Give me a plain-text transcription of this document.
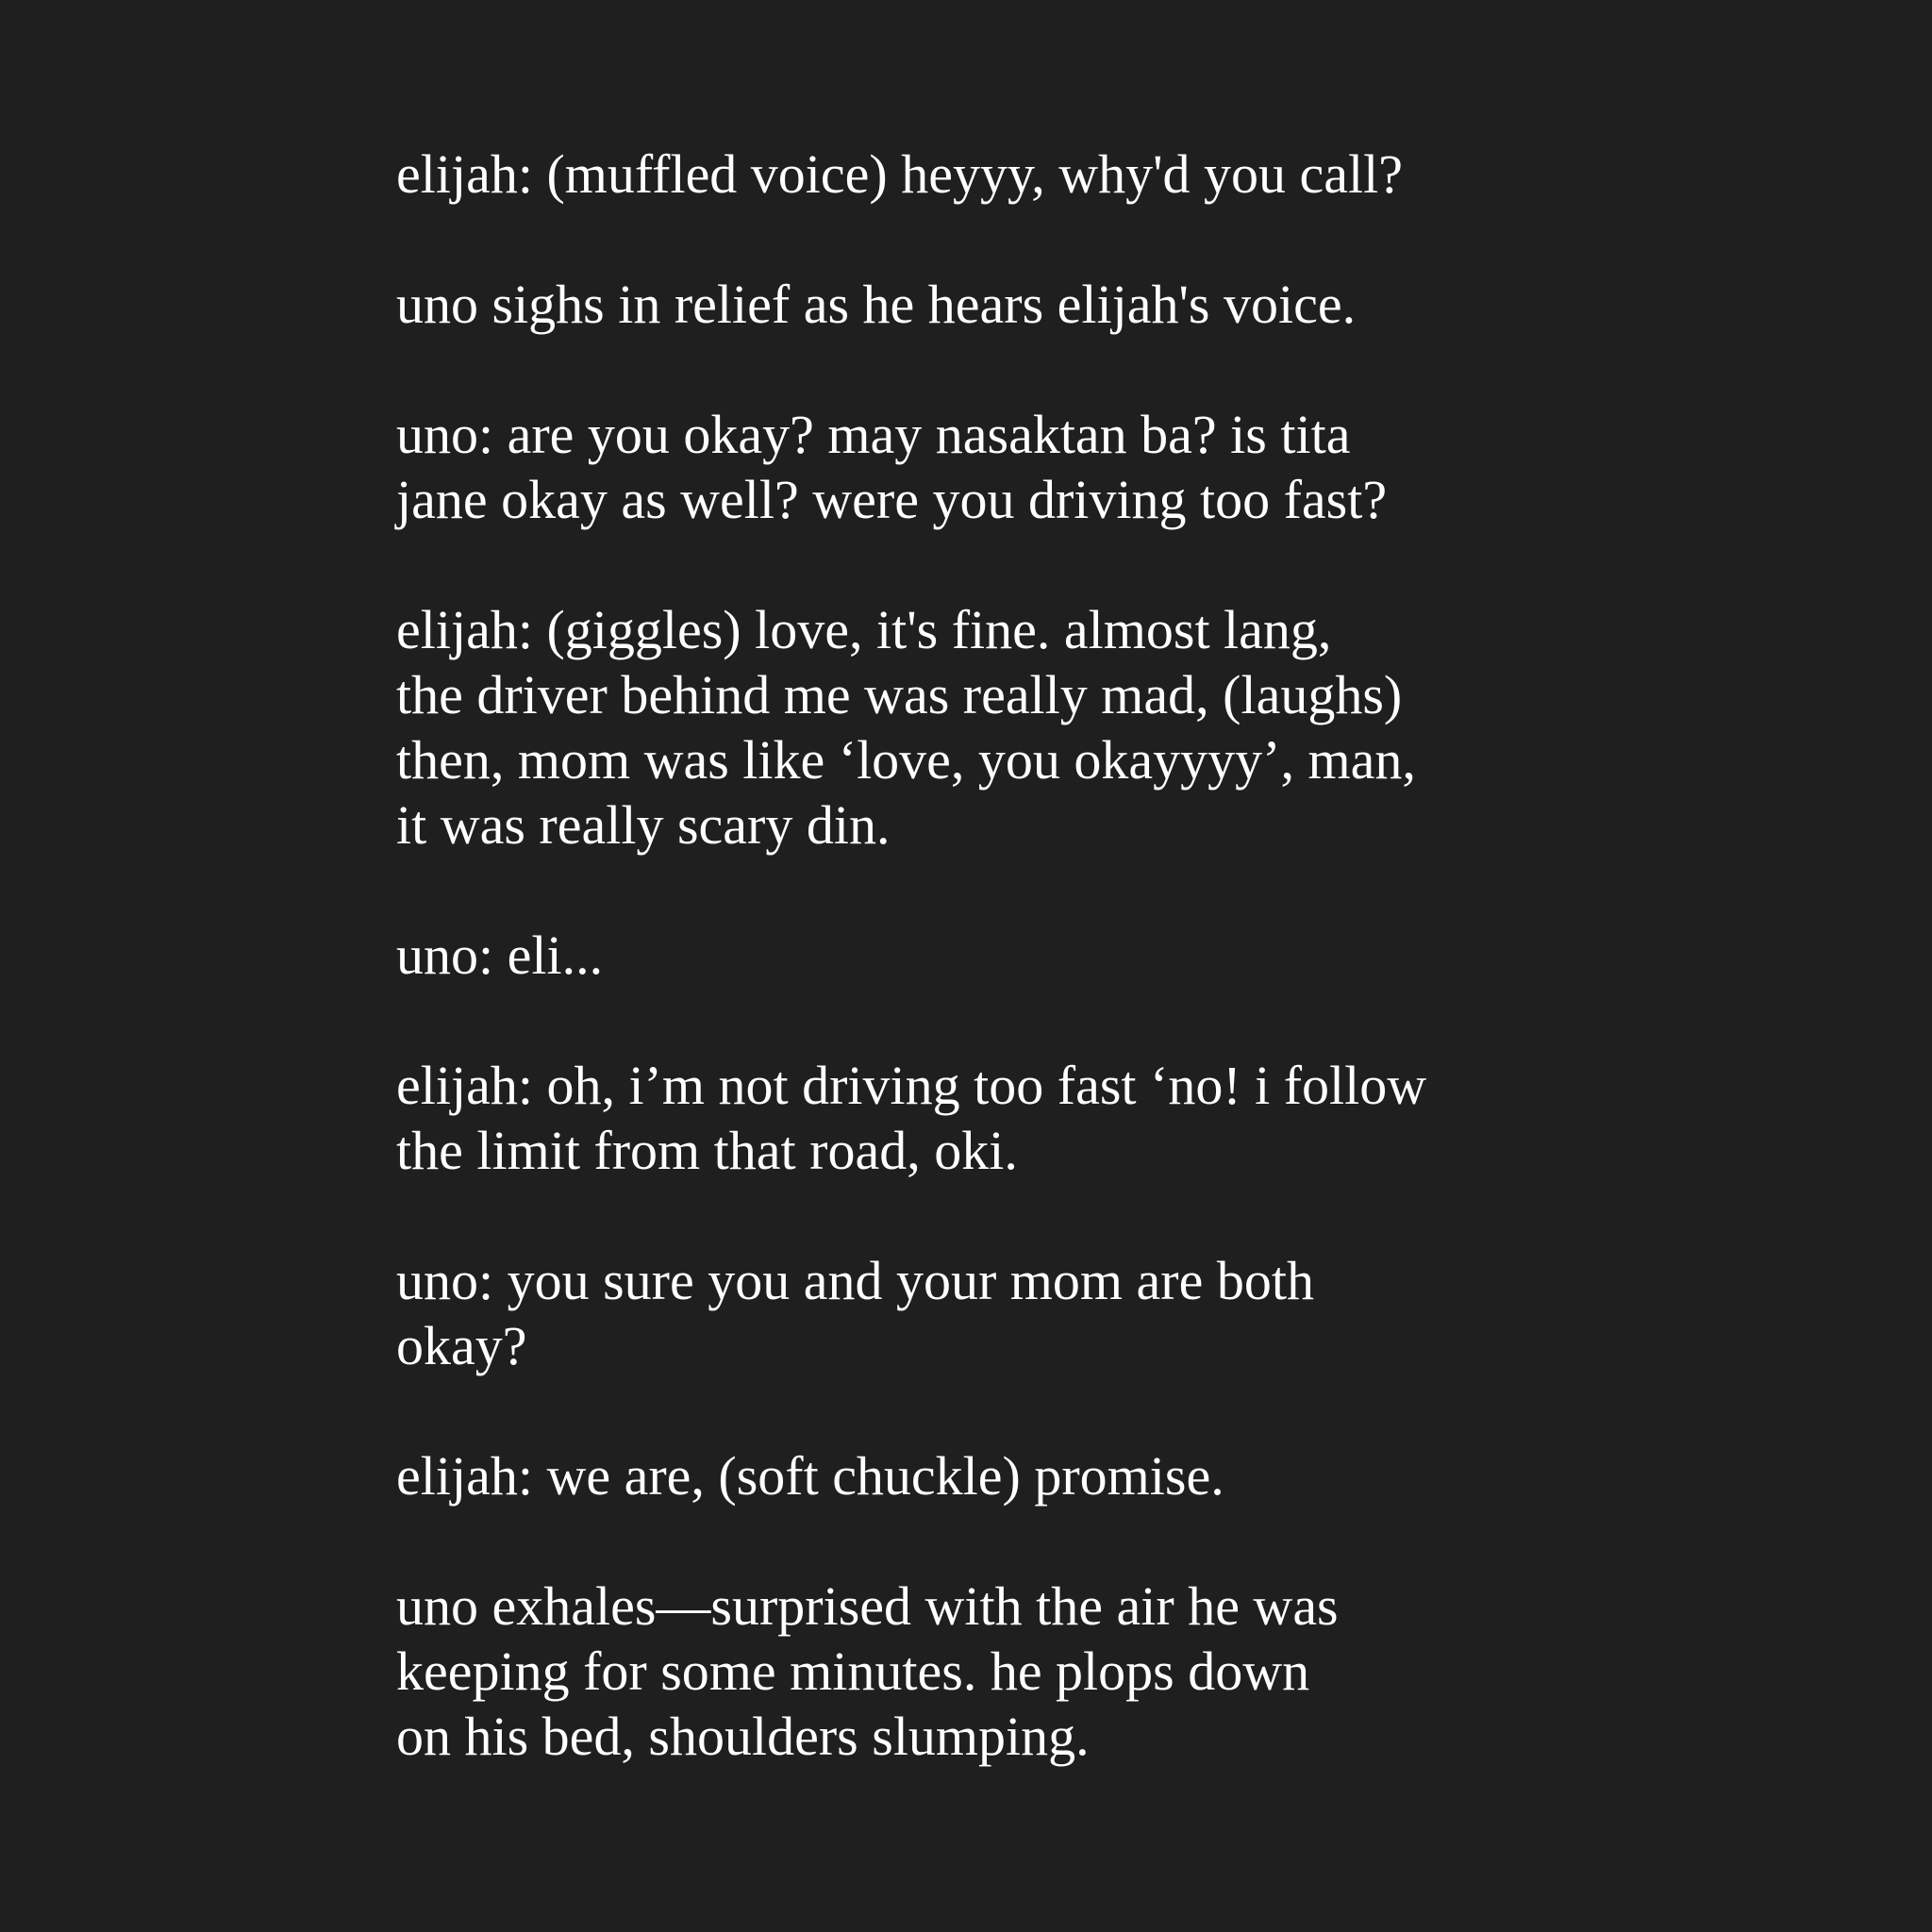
elijah: (muffled voice) heyyy, why'd you call?

uno sighs in relief as he hears elijah's voice.

uno: are you okay? may nasaktan ba? is tita
jane okay as well? were you driving too fast?

elijah: (giggles) love, it's fine. almost lang,
the driver behind me was really mad, (laughs)
then, mom was like ‘love, you okayyyy’, man,
it was really scary din.

uno: eli...

elijah: oh, i’m not driving too fast ‘no! i follow
the limit from that road, oki.

uno: you sure you and your mom are both
okay?

elijah: we are, (soft chuckle) promise.

uno exhales—surprised with the air he was
keeping for some minutes. he plops down
on his bed, shoulders slumping.
